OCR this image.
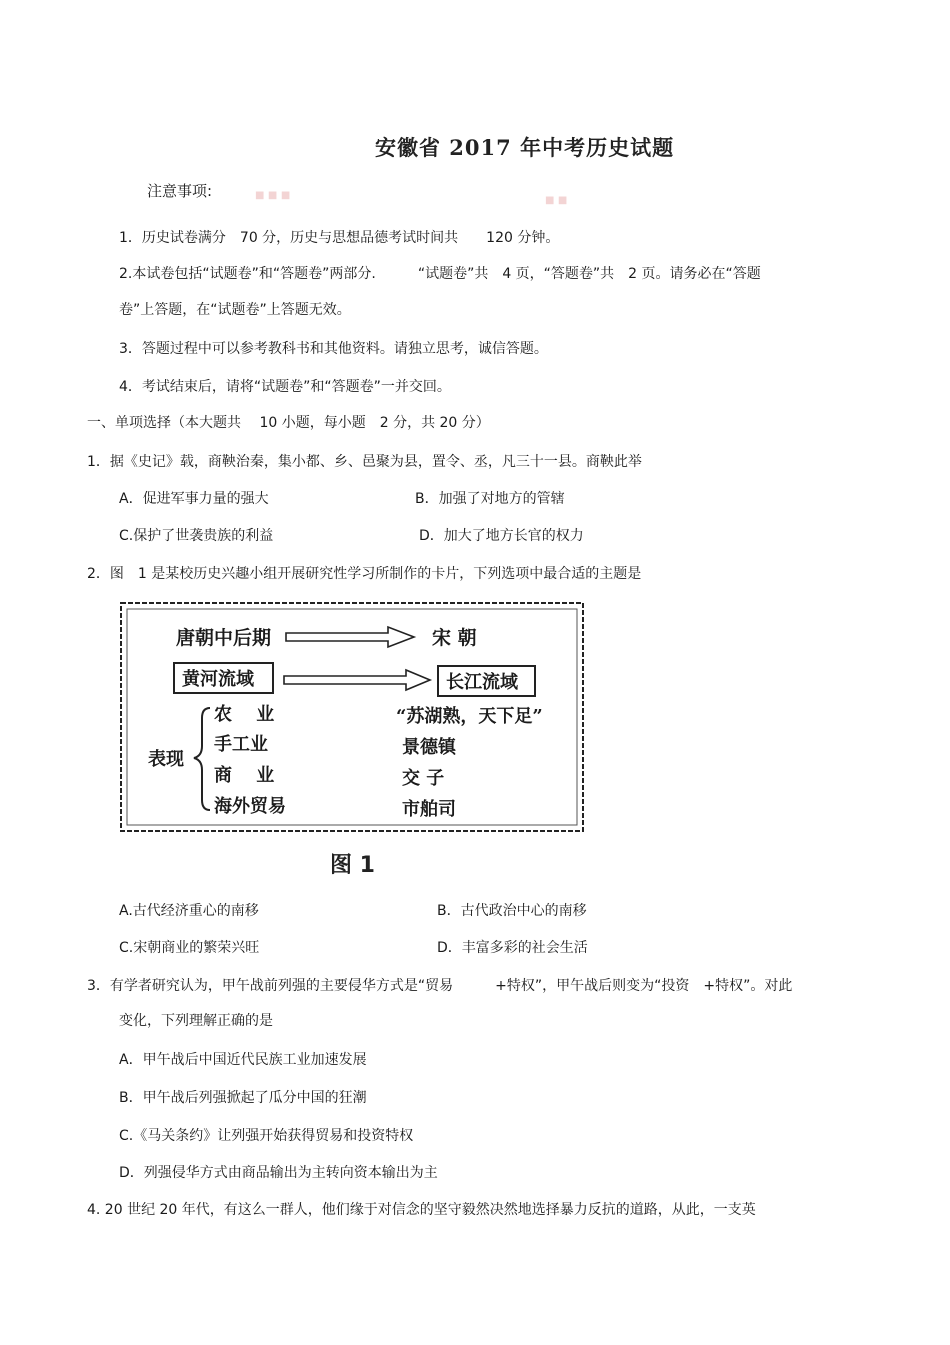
■ ■ ■	■ ■
安徽省 2017 年中考历史试题
注意事项:
1．历史试卷满分　70 分，历史与思想品德考试时间共　　120 分钟。
2.本试卷包括“试题卷”和“答题卷”两部分.　　　“试题卷”共　4 页，“答题卷”共　2 页。请务必在“答题
卷”上答题，在“试题卷”上答题无效。
3．答题过程中可以参考教科书和其他资料。请独立思考，诚信答题。
4．考试结束后，请将“试题卷”和“答题卷”一并交回。
一、单项选择（本大题共　 10 小题，每小题　2 分，共 20 分）
1．据《史记》载，商鞅治秦，集小都、乡、邑聚为县，置令、丞，凡三十一县。商鞅此举
A．促进军事力量的强大	B．加强了对地方的管辖
C.保护了世袭贵族的利益	D．加大了地方长官的权力
2．图　1 是某校历史兴趣小组开展研究性学习所制作的卡片，下列选项中最合适的主题是
唐朝中后期	宋 朝
黄河流域	长江流域
表现
农　 业
手工业
商　 业
海外贸易
“苏湖熟，天下足”
景德镇
交 子
市舶司
图 1
A.古代经济重心的南移	B．古代政治中心的南移
C.宋朝商业的繁荣兴旺	D．丰富多彩的社会生活
3．有学者研究认为，甲午战前列强的主要侵华方式是“贸易　　　+特权”，甲午战后则变为“投资　+特权”。对此
变化，下列理解正确的是
A．甲午战后中国近代民族工业加速发展
B．甲午战后列强掀起了瓜分中国的狂潮
C.《马关条约》让列强开始获得贸易和投资特权
D．列强侵华方式由商品输出为主转向资本输出为主
4. 20 世纪 20 年代，有这么一群人，他们缘于对信念的坚守毅然决然地选择暴力反抗的道路，从此，一支英
